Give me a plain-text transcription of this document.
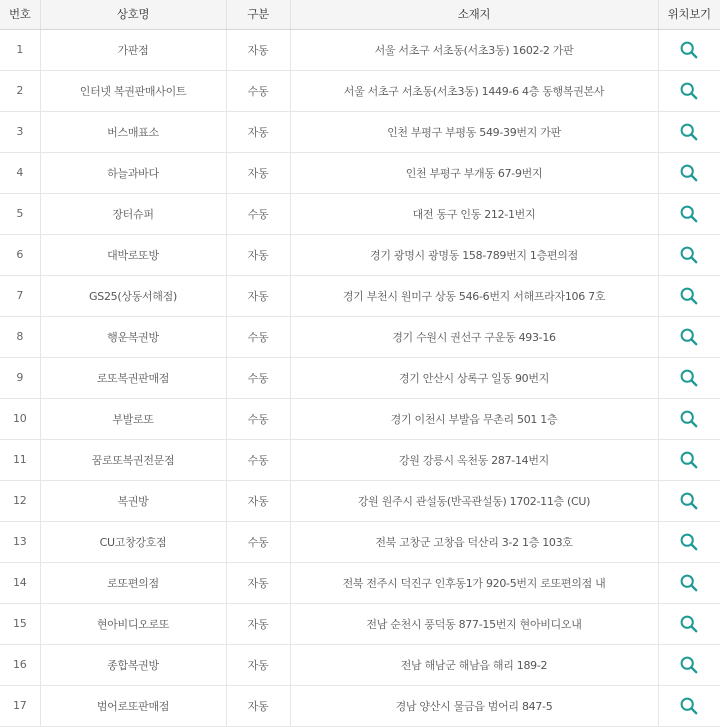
번호	상호명	구분	소재지	위치보기
1	가판점	자동	서울 서초구 서초동(서초3동) 1602-2 가판	
2	인터넷 복권판매사이트	수동	서울 서초구 서초동(서초3동) 1449-6 4층 동행복권본사	
3	버스매표소	자동	인천 부평구 부평동 549-39번지 가판	
4	하늘과바다	자동	인천 부평구 부개동 67-9번지	
5	장터슈퍼	수동	대전 동구 인동 212-1번지	
6	대박로또방	자동	경기 광명시 광명동 158-789번지 1층편의점	
7	GS25(상동서해점)	자동	경기 부천시 원미구 상동 546-6번지 서해프라자106 7호	
8	행운복권방	수동	경기 수원시 권선구 구운동 493-16	
9	로또복권판매점	수동	경기 안산시 상록구 일동 90번지	
10	부발로또	수동	경기 이천시 부발읍 무촌리 501 1층	
11	꿈로또복권전문점	수동	강원 강릉시 옥천동 287-14번지	
12	복권방	자동	강원 원주시 관설동(반곡관설동) 1702-11층 (CU)	
13	CU고창강호점	수동	전북 고창군 고창읍 덕산리 3-2 1층 103호	
14	로또편의점	자동	전북 전주시 덕진구 인후동1가 920-5번지 로또편의점 내	
15	현아비디오로또	자동	전남 순천시 풍덕동 877-15번지 현아비디오내	
16	종합복권방	자동	전남 해남군 해남읍 해리 189-2	
17	범어로또판매점	자동	경남 양산시 물금읍 범어리 847-5	
